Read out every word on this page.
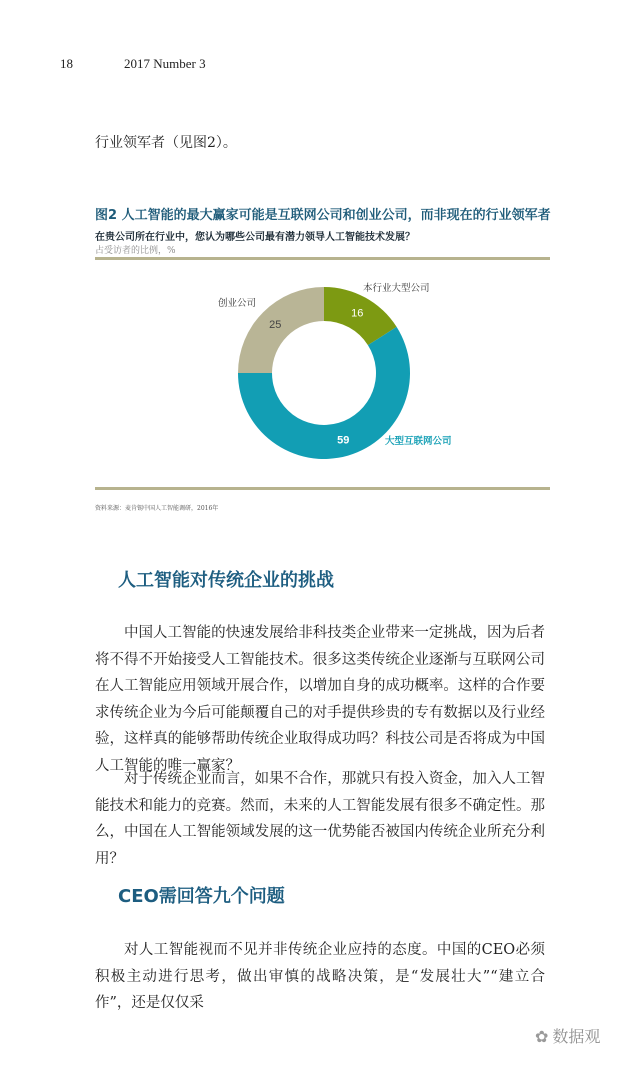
18	2017 Number 3
行业领军者（见图2）。
图2 人工智能的最大赢家可能是互联网公司和创业公司，而非现在的行业领军者
在贵公司所在行业中，您认为哪些公司最有潜力领导人工智能技术发展？
占受访者的比例，%
16
本行业大型公司
59	大型互联网公司
25
创业公司
资料来源：麦肯锡中国人工智能调研，2016年
人工智能对传统企业的挑战

中国人工智能的快速发展给非科技类企业带来一定挑战，因为后者将不得不开始接受人工智能技术。很多这类传统企业逐渐与互联网公司在人工智能应用领域开展合作，以增加自身的成功概率。这样的合作要求传统企业为今后可能颠覆自己的对手提供珍贵的专有数据以及行业经验，这样真的能够帮助传统企业取得成功吗？科技公司是否将成为中国人工智能的唯一赢家？

对于传统企业而言，如果不合作，那就只有投入资金，加入人工智能技术和能力的竞赛。然而，未来的人工智能发展有很多不确定性。那么，中国在人工智能领域发展的这一优势能否被国内传统企业所充分利用？

CEO需回答九个问题

对人工智能视而不见并非传统企业应持的态度。中国的CEO必须积极主动进行思考，做出审慎的战略决策，是“发展壮大”“建立合作”，还是仅仅采

✿ 数据观
